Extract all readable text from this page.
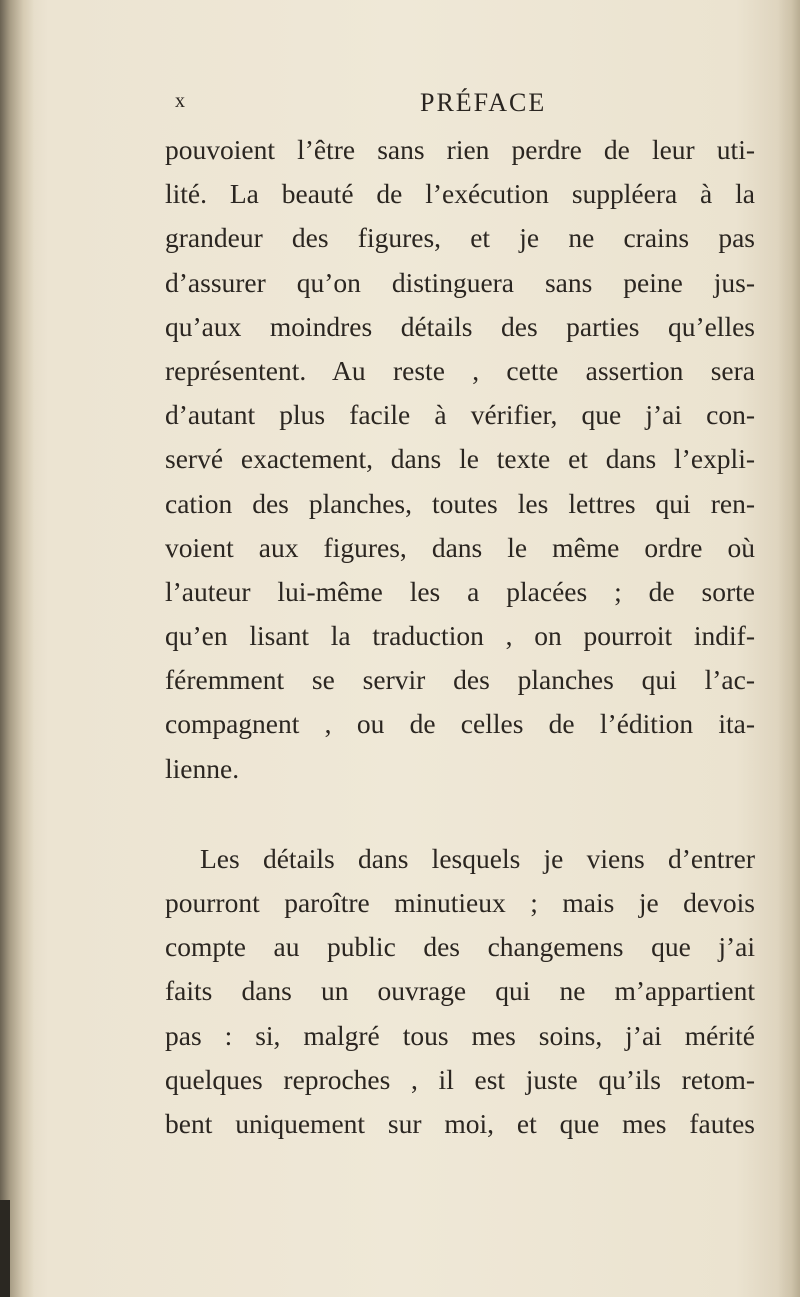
x	PRÉFACE
pouvoient l’être sans rien perdre de leur uti-
lité. La beauté de l’exécution suppléera à la
grandeur des figures, et je ne crains pas
d’assurer qu’on distinguera sans peine jus-
qu’aux moindres détails des parties qu’elles
représentent. Au reste , cette assertion sera
d’autant plus facile à vérifier, que j’ai con-
servé exactement, dans le texte et dans l’expli-
cation des planches, toutes les lettres qui ren-
voient aux figures, dans le même ordre où
l’auteur lui-même les a placées ; de sorte
qu’en lisant la traduction , on pourroit indif-
féremment se servir des planches qui l’ac-
compagnent , ou de celles de l’édition ita-
lienne.
Les détails dans lesquels je viens d’entrer
pourront paroître minutieux ; mais je devois
compte au public des changemens que j’ai
faits dans un ouvrage qui ne m’appartient
pas : si, malgré tous mes soins, j’ai mérité
quelques reproches , il est juste qu’ils retom-
bent uniquement sur moi, et que mes fautes
